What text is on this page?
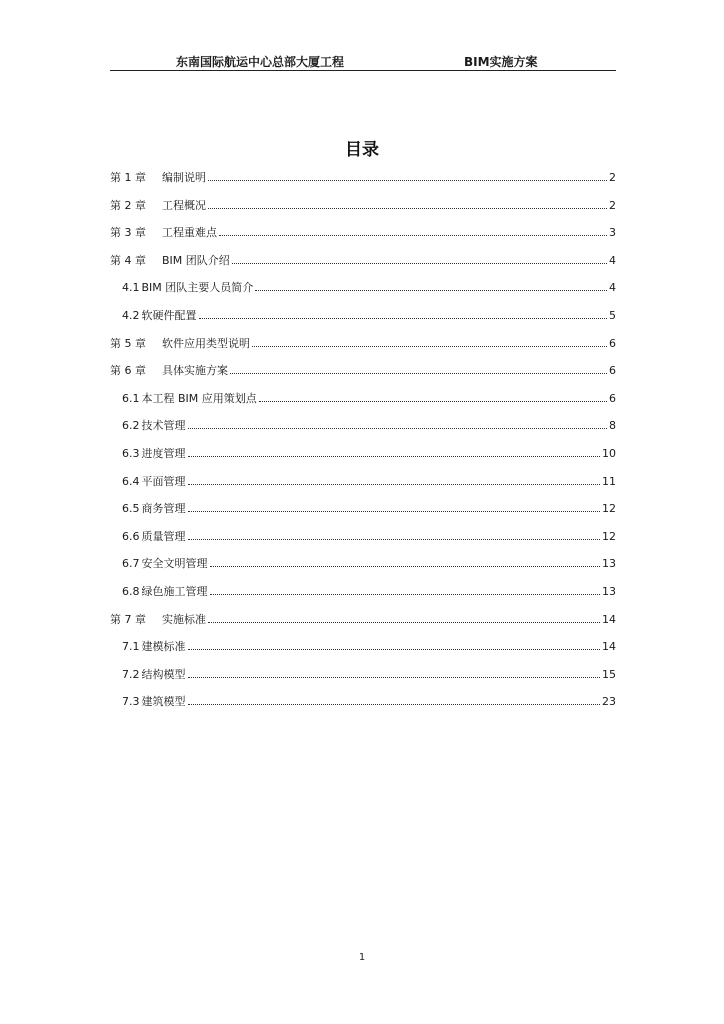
东南国际航运中心总部大厦工程	BIM实施方案
目录
第 1 章	编制说明	2
第 2 章	工程概况	2
第 3 章	工程重难点	3
第 4 章	BIM 团队介绍	4
4.1 BIM 团队主要人员简介	4
4.2 软硬件配置	5
第 5 章	软件应用类型说明	6
第 6 章	具体实施方案	6
6.1 本工程 BIM 应用策划点	6
6.2 技术管理	8
6.3 进度管理	10
6.4 平面管理	11
6.5 商务管理	12
6.6 质量管理	12
6.7 安全文明管理	13
6.8 绿色施工管理	13
第 7 章	实施标准	14
7.1 建模标准	14
7.2 结构模型	15
7.3 建筑模型	23
1
